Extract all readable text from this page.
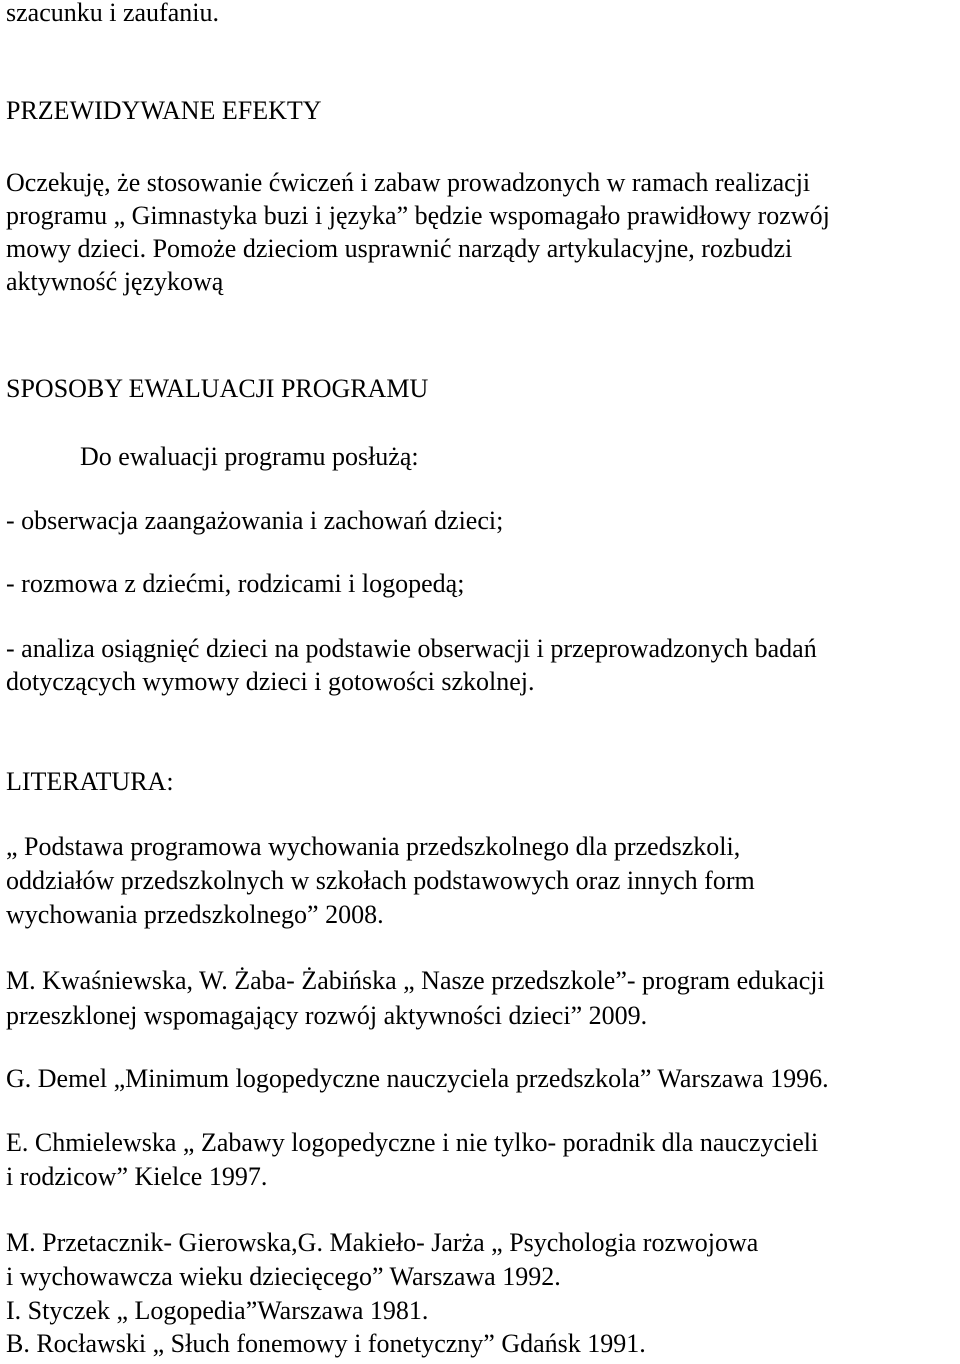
szacunku i zaufaniu.
PRZEWIDYWANE EFEKTY
Oczekuję, że stosowanie ćwiczeń i zabaw prowadzonych w ramach realizacji
programu „ Gimnastyka buzi i języka” będzie wspomagało prawidłowy rozwój
mowy dzieci. Pomoże dzieciom usprawnić narządy artykulacyjne, rozbudzi
aktywność językową
SPOSOBY EWALUACJI PROGRAMU
Do ewaluacji programu posłużą:
- obserwacja zaangażowania i zachowań dzieci;
- rozmowa z dziećmi, rodzicami i logopedą;
- analiza osiągnięć dzieci na podstawie obserwacji i przeprowadzonych badań
dotyczących wymowy dzieci i gotowości szkolnej.
LITERATURA:
„ Podstawa programowa wychowania przedszkolnego dla przedszkoli,
oddziałów przedszkolnych w szkołach podstawowych oraz innych form
wychowania przedszkolnego” 2008.
M. Kwaśniewska, W. Żaba- Żabińska „ Nasze przedszkole”- program edukacji
przeszklonej wspomagający rozwój aktywności dzieci” 2009.
G. Demel „Minimum logopedyczne nauczyciela przedszkola” Warszawa 1996.
E. Chmielewska „ Zabawy logopedyczne i nie tylko- poradnik dla nauczycieli
i rodzicow” Kielce 1997.
M. Przetacznik- Gierowska,G. Makieło- Jarża „ Psychologia rozwojowa
i wychowawcza wieku dziecięcego” Warszawa 1992.
I. Styczek „ Logopedia”Warszawa 1981.
B. Rocławski „ Słuch fonemowy i fonetyczny” Gdańsk 1991.
